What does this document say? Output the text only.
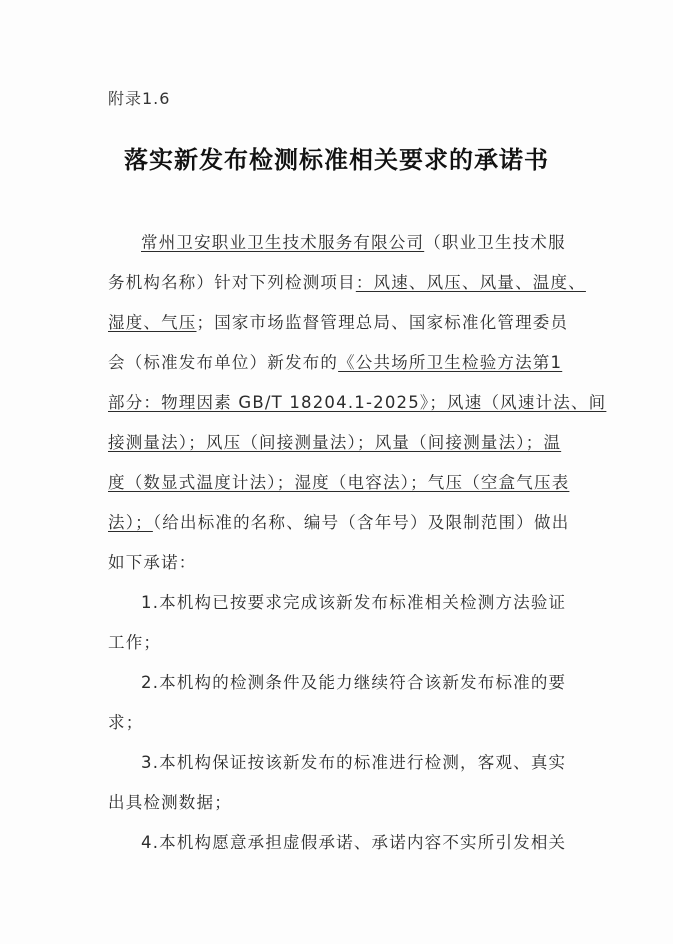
附录1.6
落实新发布检测标准相关要求的承诺书
常州卫安职业卫生技术服务有限公司（职业卫生技术服
务机构名称）针对下列检测项目：风速、风压、风量、温度、
湿度、气压；国家市场监督管理总局、国家标准化管理委员
会（标准发布单位）新发布的《公共场所卫生检验方法第1
部分：物理因素 GB/T 18204.1-2025》；风速（风速计法、间
接测量法）；风压（间接测量法）；风量（间接测量法）；温
度（数显式温度计法）；湿度（电容法）；气压（空盒气压表
法）；（给出标准的名称、编号（含年号）及限制范围）做出
如下承诺：
1.本机构已按要求完成该新发布标准相关检测方法验证
工作；
2.本机构的检测条件及能力继续符合该新发布标准的要
求；
3.本机构保证按该新发布的标准进行检测，客观、真实
出具检测数据；
4.本机构愿意承担虚假承诺、承诺内容不实所引发相关
